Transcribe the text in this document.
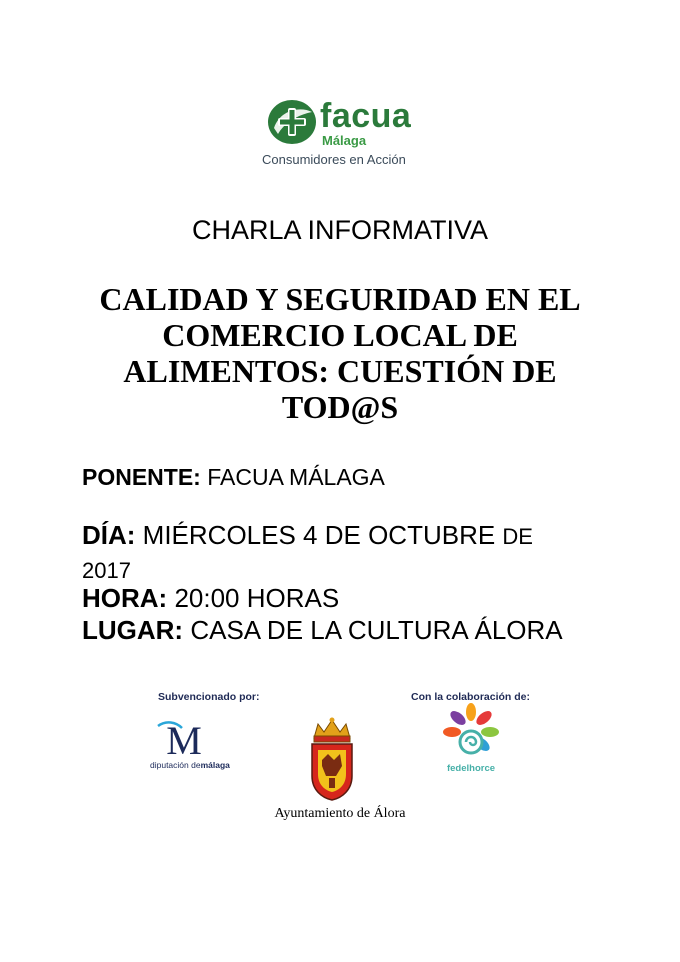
facua
Málaga
Consumidores en Acción
CHARLA INFORMATIVA
CALIDAD Y SEGURIDAD EN EL
COMERCIO LOCAL DE
ALIMENTOS: CUESTIÓN DE
TOD@S
PONENTE: FACUA MÁLAGA
DÍA: MIÉRCOLES 4 DE OCTUBRE DE
2017
HORA: 20:00 HORAS
LUGAR: CASA DE LA CULTURA ÁLORA
Subvencionado por:	Con la colaboración de:
M
diputación demálaga
Ayuntamiento de Álora
fedelhorce
